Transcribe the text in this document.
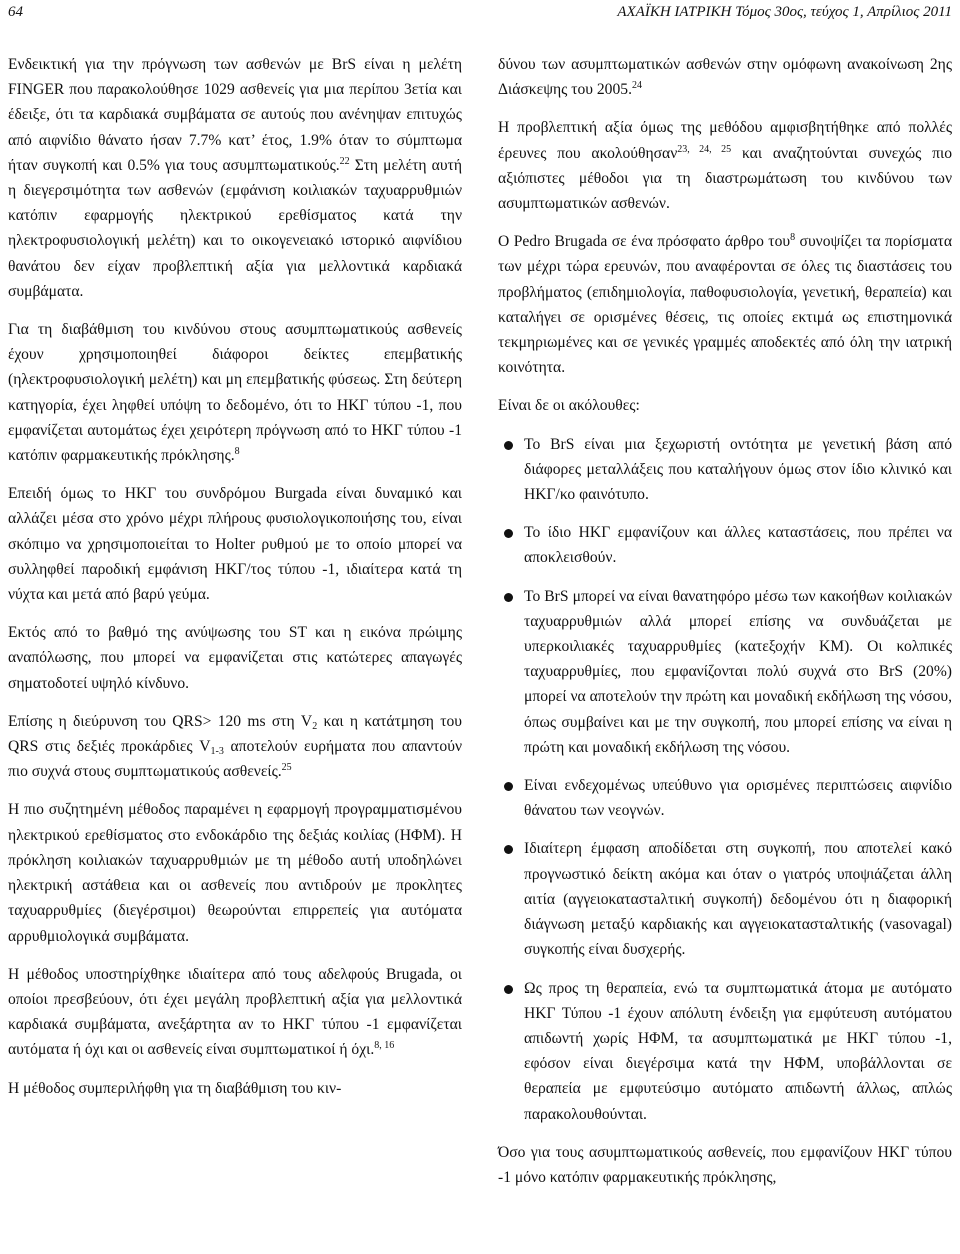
64	ΑΧΑΪΚΗ ΙΑΤΡΙΚΗ Τόμος 30ος, τεύχος 1, Απρίλιος 2011

Ενδεικτική για την πρόγνωση των ασθενών με BrS είναι η μελέτη FINGER που παρακολούθησε 1029 ασθενείς για μια περίπου 3ετία και έδειξε, ότι τα καρδιακά συμβάματα σε αυτούς που ανένηψαν επιτυχώς από αιφνίδιο θάνατο ήσαν 7.7% κατ’ έτος, 1.9% όταν το σύμπτωμα ήταν συγκοπή και 0.5% για τους ασυμπτωματικούς.$^{22}$ Στη μελέτη αυτή η διεγερσιμότητα των ασθενών (εμφάνιση κοιλιακών ταχυαρρυθμιών κατόπιν εφαρμογής ηλεκτρικού ερεθίσματος κατά την ηλεκτροφυσιολογική μελέτη) και το οικογενειακό ιστορικό αιφνίδιου θανάτου δεν είχαν προβλεπτική αξία για μελλοντικά καρδιακά συμβάματα.

Για τη διαβάθμιση του κινδύνου στους ασυμπτωματικούς ασθενείς έχουν χρησιμοποιηθεί διάφοροι δείκτες επεμβατικής (ηλεκτροφυσιολογική μελέτη) και μη επεμβατικής φύσεως. Στη δεύτερη κατηγορία, έχει ληφθεί υπόψη το δεδομένο, ότι το ΗΚΓ τύπου -1, που εμφανίζεται αυτομάτως έχει χειρότερη πρόγνωση από το ΗΚΓ τύπου -1 κατόπιν φαρμακευτικής πρόκλησης.$^8$

Επειδή όμως το ΗΚΓ του συνδρόμου Burgada είναι δυναμικό και αλλάζει μέσα στο χρόνο μέχρι πλήρους φυσιολογικοποιήσης του, είναι σκόπιμο να χρησιμοποιείται το Holter ρυθμού με το οποίο μπορεί να συλληφθεί παροδική εμφάνιση ΗΚΓ/τος τύπου -1, ιδιαίτερα κατά τη νύχτα και μετά από βαρύ γεύμα.

Εκτός από το βαθμό της ανύψωσης του ST και η εικόνα πρώιμης αναπόλωσης, που μπορεί να εμφανίζεται στις κατώτερες απαγωγές σηματοδοτεί υψηλό κίνδυνο.

Επίσης η διεύρυνση του QRS> 120 ms στη $V_2$ και η κατάτμηση του QRS στις δεξιές προκάρδιες $V_{1-3}$ αποτελούν ευρήματα που απαντούν πιο συχνά στους συμπτωματικούς ασθενείς.$^{25}$

Η πιο συζητημένη μέθοδος παραμένει η εφαρμογή προγραμματισμένου ηλεκτρικού ερεθίσματος στο ενδοκάρδιο της δεξιάς κοιλίας (ΗΦΜ). Η πρόκληση κοιλιακών ταχυαρρυθμιών με τη μέθοδο αυτή υποδηλώνει ηλεκτρική αστάθεια και οι ασθενείς που αντιδρούν με προκλητες ταχυαρρυθμίες (διεγέρσιμοι) θεωρούνται επιρρεπείς για αυτόματα αρρυθμιολογικά συμβάματα.

Η μέθοδος υποστηρίχθηκε ιδιαίτερα από τους αδελφούς Brugada, οι οποίοι πρεσβεύουν, ότι έχει μεγάλη προβλεπτική αξία για μελλοντικά καρδιακά συμβάματα, ανεξάρτητα αν το ΗΚΓ τύπου -1 εμφανίζεται αυτόματα ή όχι και οι ασθενείς είναι συμπτωματικοί ή όχι.$^{8, 16}$

Η μέθοδος συμπεριλήφθη για τη διαβάθμιση του κιν-

δύνου των ασυμπτωματικών ασθενών στην ομόφωνη ανακοίνωση 2ης Διάσκεψης του 2005.24

Η προβλεπτική αξία όμως της μεθόδου αμφισβητήθηκε από πολλές έρευνες που ακολούθησαν$^{23, 24, 25}$ και αναζητούνται συνεχώς πιο αξιόπιστες μέθοδοι για τη διαστρωμάτωση του κινδύνου των ασυμπτωματικών ασθενών.

Ο Pedro Brugada σε ένα πρόσφατο άρθρο του$^8$ συνοψίζει τα πορίσματα των μέχρι τώρα ερευνών, που αναφέρονται σε όλες τις διαστάσεις του προβλήματος (επιδημιολογία, παθοφυσιολογία, γενετική, θεραπεία) και καταλήγει σε ορισμένες θέσεις, τις οποίες εκτιμά ως επιστημονικά τεκμηριωμένες και σε γενικές γραμμές αποδεκτές από όλη την ιατρική κοινότητα.

Είναι δε οι ακόλουθες:

Το BrS είναι μια ξεχωριστή οντότητα με γενετική βάση από διάφορες μεταλλάξεις που καταλήγουν όμως στον ίδιο κλινικό και ΗΚΓ/κο φαινότυπο.
Το ίδιο ΗΚΓ εμφανίζουν και άλλες καταστάσεις, που πρέπει να αποκλεισθούν.
Το BrS μπορεί να είναι θανατηφόρο μέσω των κακοήθων κοιλιακών ταχυαρρυθμιών αλλά μπορεί επίσης να συνδυάζεται με υπερκοιλιακές ταχυαρρυθμίες (κατεξοχήν ΚΜ). Οι κολπικές ταχυαρρυθμίες, που εμφανίζονται πολύ συχνά στο BrS (20%) μπορεί να αποτελούν την πρώτη και μοναδική εκδήλωση της νόσου, όπως συμβαίνει και με την συγκοπή, που μπορεί επίσης να είναι η πρώτη και μοναδική εκδήλωση της νόσου.
Είναι ενδεχομένως υπεύθυνο για ορισμένες περιπτώσεις αιφνίδιο θάνατου των νεογνών.
Ιδιαίτερη έμφαση αποδίδεται στη συγκοπή, που αποτελεί κακό προγνωστικό δείκτη ακόμα και όταν ο γιατρός υποψιάζεται άλλη αιτία (αγγειοκαταστaλτική συγκοπή) δεδομένου ότι η διαφορική διάγνωση μεταξύ καρδιακής και αγγειοκατασταλτικής (vasovagal) συγκοπής είναι δυσχερής.
Ως προς τη θεραπεία, ενώ τα συμπτωματικά άτομα με αυτόματο ΗΚΓ Τύπου -1 έχουν απόλυτη ένδειξη για εμφύτευση αυτόματου απιδωντή χωρίς ΗΦΜ, τα ασυμπτωματικά με ΗΚΓ τύπου -1, εφόσον είναι διεγέρσιμα κατά την ΗΦΜ, υποβάλλονται σε θεραπεία με εμφυτεύσιμο αυτόματο απιδωντή άλλως, απλώς παρακολουθούνται.

Όσο για τους ασυμπτωματικούς ασθενείς, που εμφανίζουν ΗΚΓ τύπου -1 μόνο κατόπιν φαρμακευτικής πρόκλησης,
